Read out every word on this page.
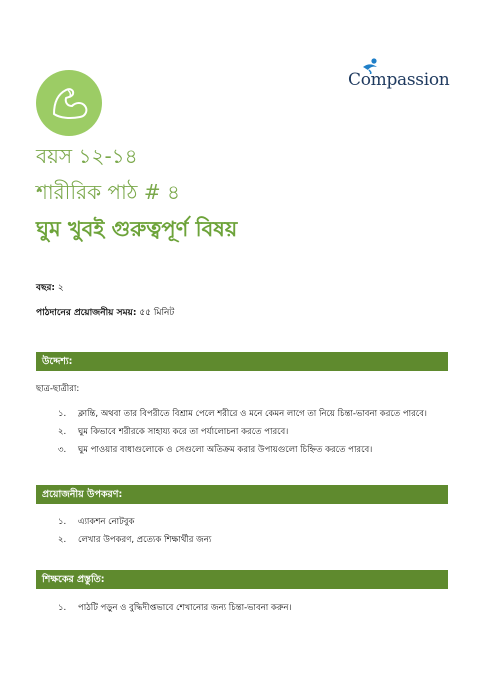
Compassion
বয়স ১২-১৪
শারীরিক পাঠ # ৪
ঘুম খুবই গুরুত্বপূর্ণ বিষয়
বছর: ২
পাঠদানের প্রয়োজনীয় সময়: ৫৫ মিনিট
উদ্দেশ্য:
ছাত্র-ছাত্রীরা:
১. ক্লান্তি, অথবা তার বিপরীতে বিশ্রাম পেলে শরীরে ও মনে কেমন লাগে তা নিয়ে চিন্তা-ভাবনা করতে পারবে।
২. ঘুম কিভাবে শরীরকে সাহায্য করে তা পর্যালোচনা করতে পারবে।
৩. ঘুম পাওয়ার বাধাগুলোকে ও সেগুলো অতিক্রম করার উপায়গুলো চিহ্নিত করতে পারবে।
প্রয়োজনীয় উপকরণ:
১. এ্যাকশন নোটবুক
২. লেখার উপকরণ, প্রত্যেক শিক্ষার্থীর জন্য
শিক্ষকের প্রস্তুতি:
১. পাঠটি পড়ুন ও বুদ্ধিদীপ্তভাবে শেখানোর জন্য চিন্তা-ভাবনা করুন।
